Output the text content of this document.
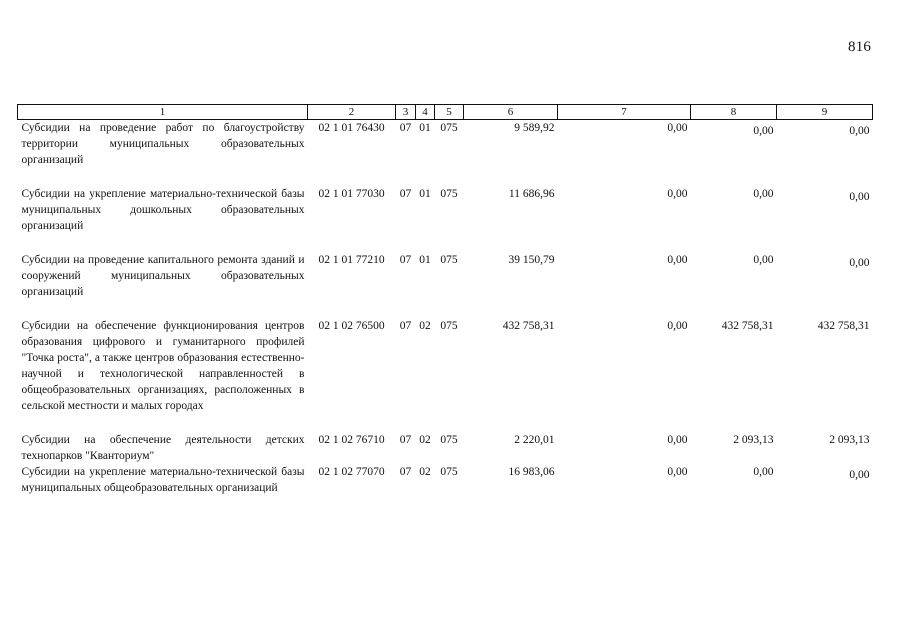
816
1	2	3	4	5	6	7	8	9
Субсидии на проведение работ по благоустройству территории муниципальных образовательных организаций	02 1 01 76430	07	01	075	9 589,92	0,00	0,00	0,00

Субсидии на укрепление материально-технической базы муниципальных дошкольных образовательных организаций	02 1 01 77030	07	01	075	11 686,96	0,00	0,00	0,00

Субсидии на проведение капитального ремонта зданий и сооружений муниципальных образовательных организаций	02 1 01 77210	07	01	075	39 150,79	0,00	0,00	0,00

Субсидии на обеспечение функционирования центров образования цифрового и гуманитарного профилей "Точка роста", а также центров образования естественно-научной и технологической направленностей в общеобразовательных организациях, расположенных в сельской местности и малых городах	02 1 02 76500	07	02	075	432 758,31	0,00	432 758,31	432 758,31

Субсидии на обеспечение деятельности детских технопарков "Кванториум"	02 1 02 76710	07	02	075	2 220,01	0,00	2 093,13	2 093,13
Субсидии на укрепление материально-технической базы муниципальных общеобразовательных организаций	02 1 02 77070	07	02	075	16 983,06	0,00	0,00	0,00
